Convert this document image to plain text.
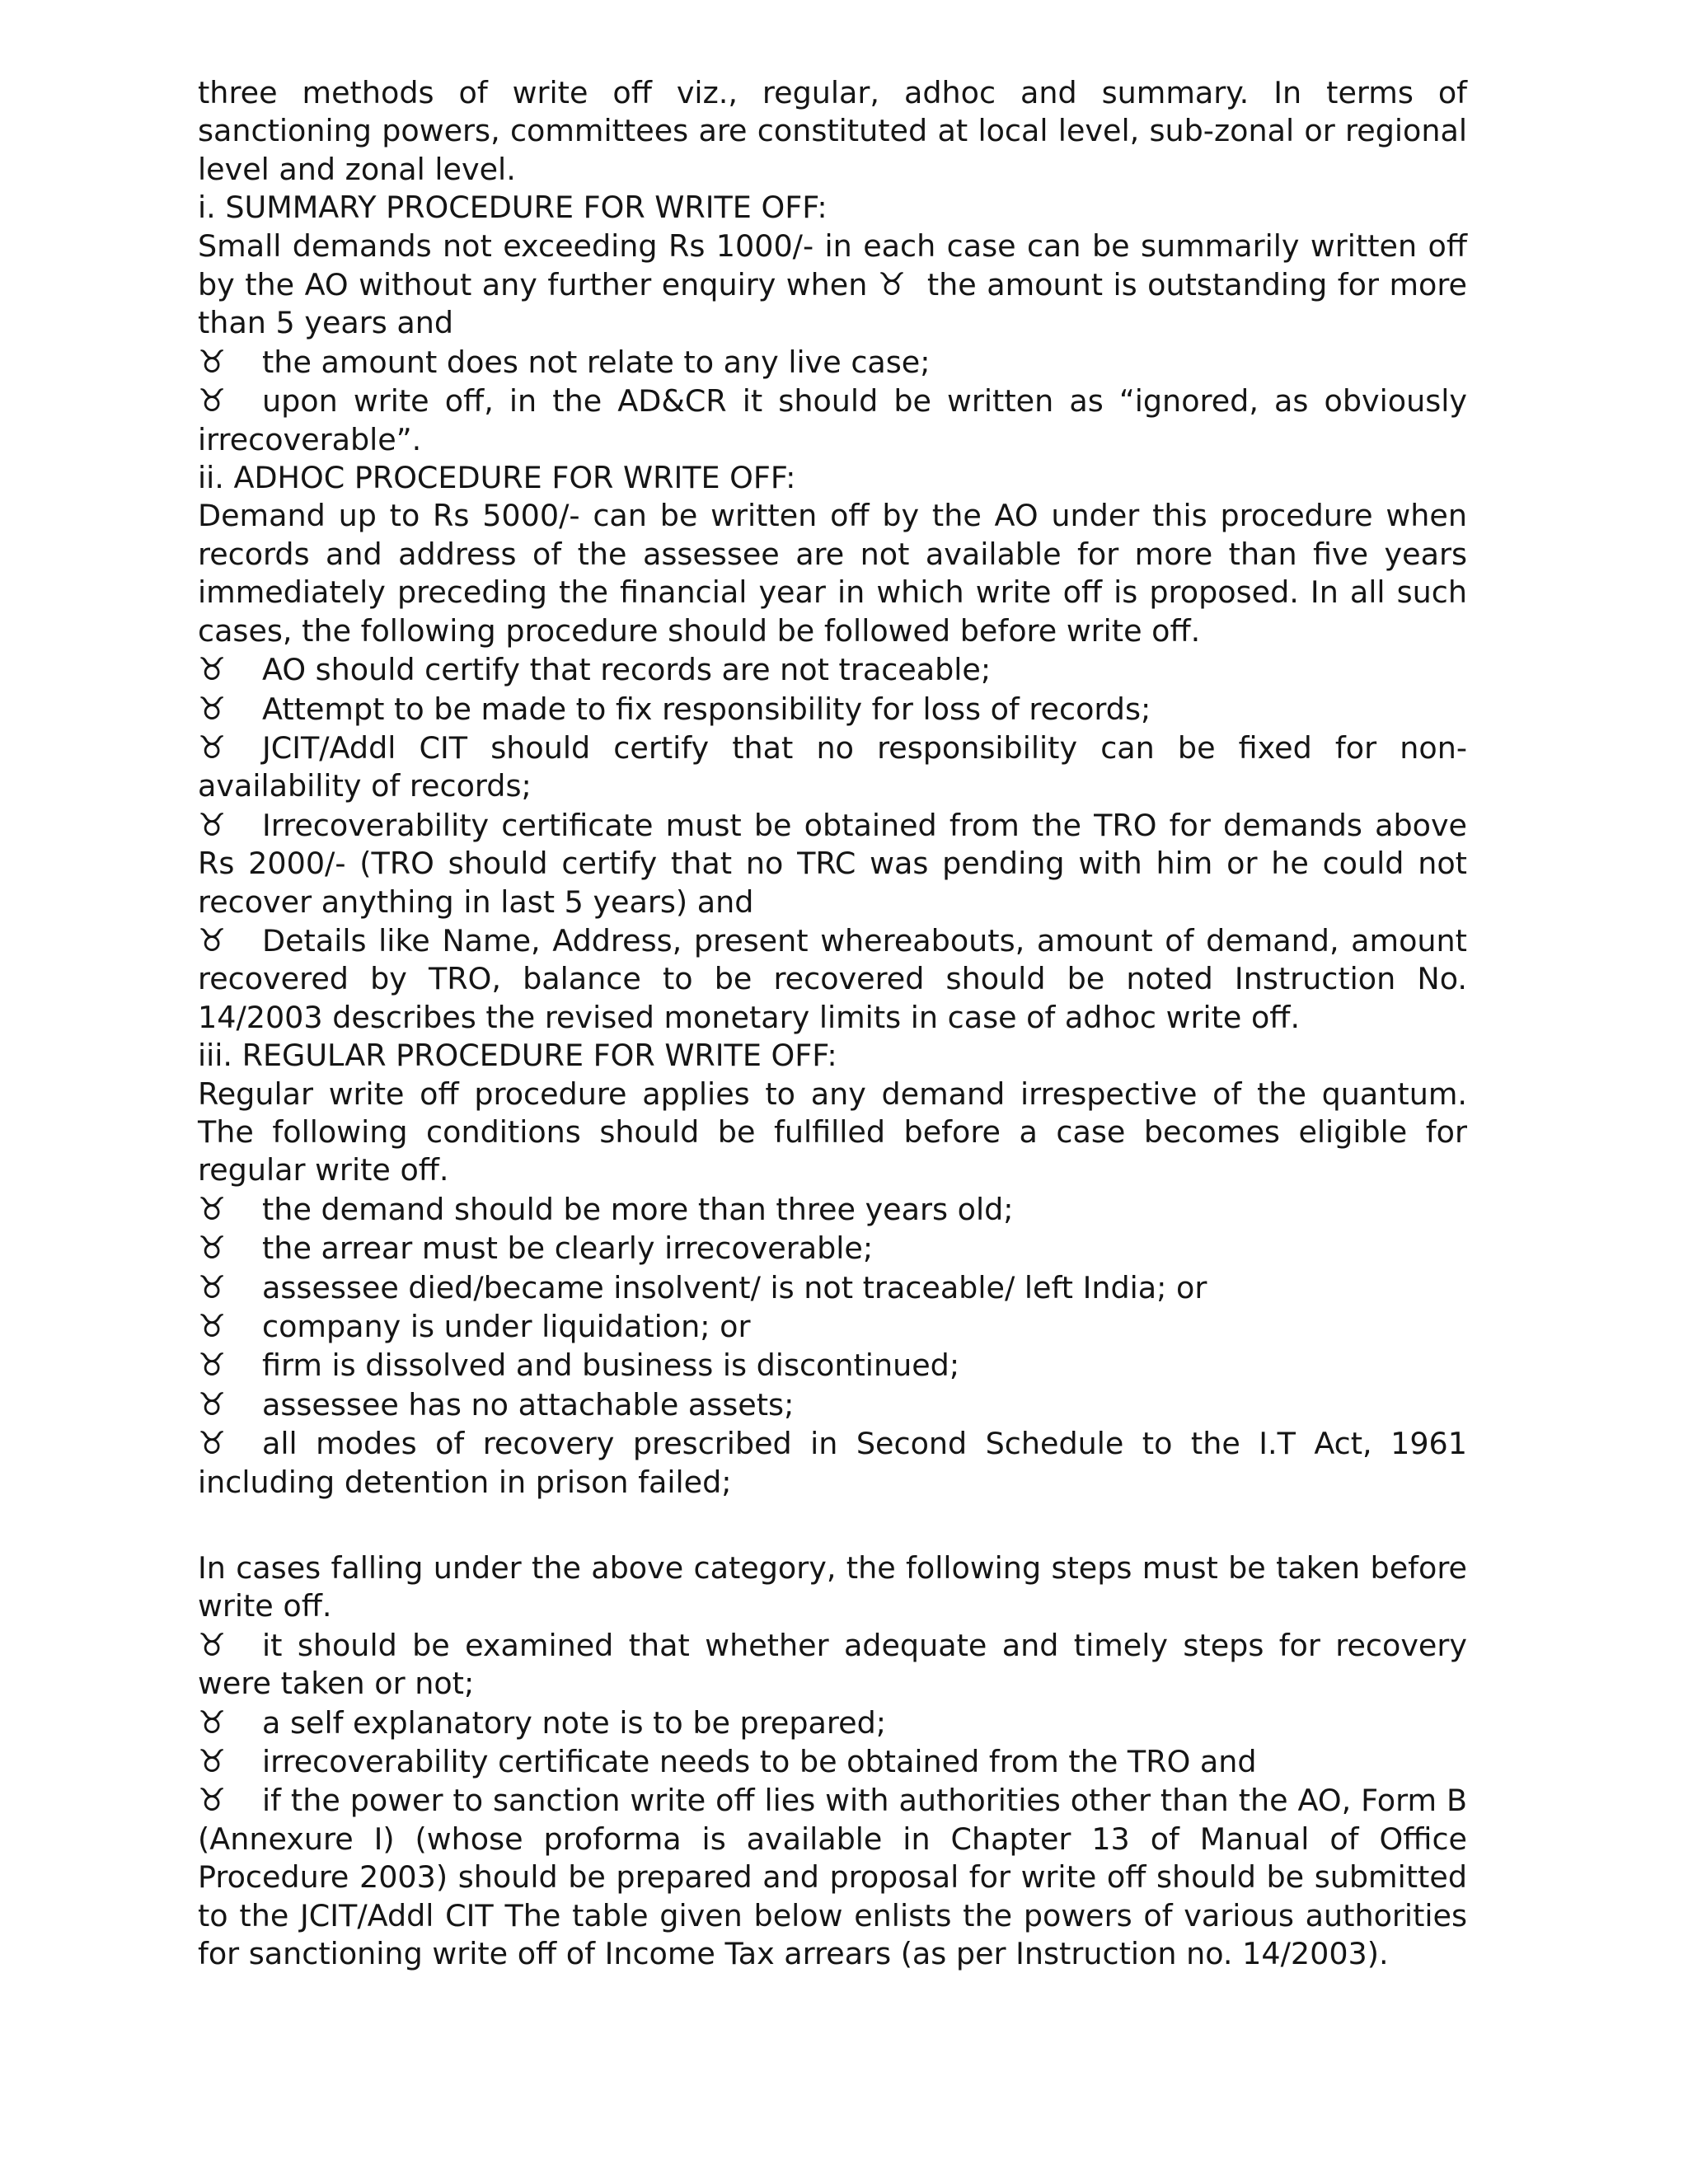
three methods of write off viz., regular, adhoc and summary. In terms of sanctioning powers, committees are constituted at local level, sub-zonal or regional level and zonal level.

i. SUMMARY PROCEDURE FOR WRITE OFF:

Small demands not exceeding Rs 1000/- in each case can be summarily written off by the AO without any further enquiry when ♉ the amount is outstanding for more than 5 years and

♉ the amount does not relate to any live case;

♉ upon write off, in the AD&CR it should be written as “ignored, as obviously irrecoverable”.

ii. ADHOC PROCEDURE FOR WRITE OFF:

Demand up to Rs 5000/- can be written off by the AO under this procedure when records and address of the assessee are not available for more than five years immediately preceding the financial year in which write off is proposed. In all such cases, the following procedure should be followed before write off.

♉ AO should certify that records are not traceable;

♉ Attempt to be made to fix responsibility for loss of records;

♉ JCIT/Addl CIT should certify that no responsibility can be fixed for non-availability of records;

♉ Irrecoverability certificate must be obtained from the TRO for demands above Rs 2000/- (TRO should certify that no TRC was pending with him or he could not recover anything in last 5 years) and

♉ Details like Name, Address, present whereabouts, amount of demand, amount recovered by TRO, balance to be recovered should be noted Instruction No. 14/2003 describes the revised monetary limits in case of adhoc write off.

iii. REGULAR PROCEDURE FOR WRITE OFF:

Regular write off procedure applies to any demand irrespective of the quantum. The following conditions should be fulfilled before a case becomes eligible for regular write off.

♉ the demand should be more than three years old;

♉ the arrear must be clearly irrecoverable;

♉ assessee died/became insolvent/ is not traceable/ left India; or

♉ company is under liquidation; or

♉ firm is dissolved and business is discontinued;

♉ assessee has no attachable assets;

♉ all modes of recovery prescribed in Second Schedule to the I.T Act, 1961 including detention in prison failed;

In cases falling under the above category, the following steps must be taken before write off.

♉ it should be examined that whether adequate and timely steps for recovery were taken or not;

♉ a self explanatory note is to be prepared;

♉ irrecoverability certificate needs to be obtained from the TRO and

♉ if the power to sanction write off lies with authorities other than the AO, Form B (Annexure I) (whose proforma is available in Chapter 13 of Manual of Office Procedure 2003) should be prepared and proposal for write off should be submitted to the JCIT/Addl CIT The table given below enlists the powers of various authorities for sanctioning write off of Income Tax arrears (as per Instruction no. 14/2003).
